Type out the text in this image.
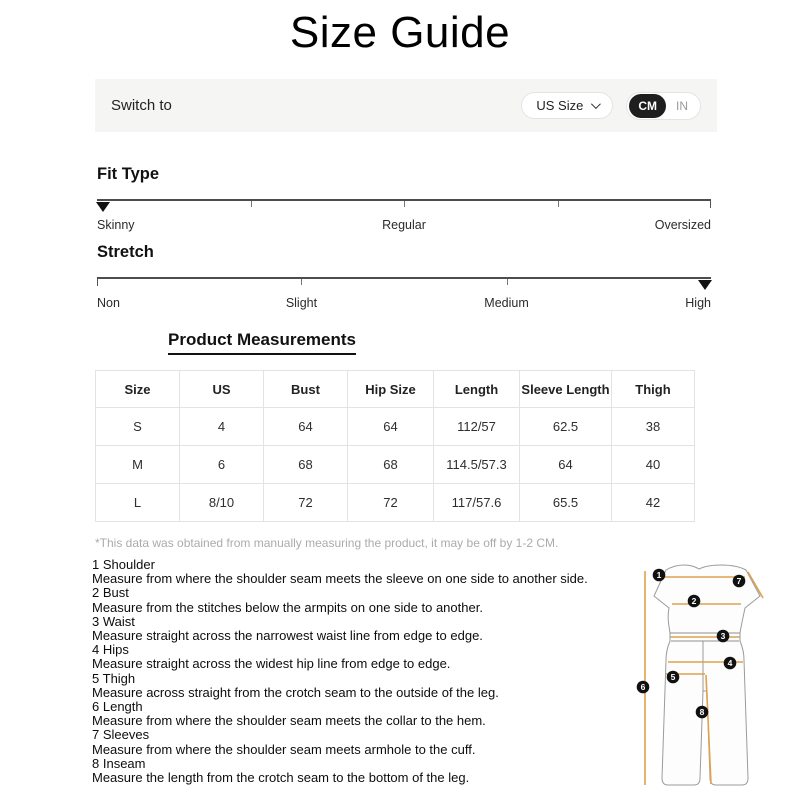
Size Guide
Switch to	US Size	CM	IN
Fit Type
Skinny	Regular	Oversized
Stretch
Non	Slight	Medium	High
Product Measurements
Size	US	Bust	Hip Size	Length	Sleeve Length	Thigh
S	4	64	64	112/57	62.5	38
M	6	68	68	114.5/57.3	64	40
L	8/10	72	72	117/57.6	65.5	42
*This data was obtained from manually measuring the product, it may be off by 1-2 CM.
1 Shoulder
Measure from where the shoulder seam meets the sleeve on one side to another side.
2 Bust
Measure from the stitches below the armpits on one side to another.
3 Waist
Measure straight across the narrowest waist line from edge to edge.
4 Hips
Measure straight across the widest hip line from edge to edge.
5 Thigh
Measure across straight from the crotch seam to the outside of the leg.
6 Length
Measure from where the shoulder seam meets the collar to the hem.
7 Sleeves
Measure from where the shoulder seam meets armhole to the cuff.
8 Inseam
Measure the length from the crotch seam to the bottom of the leg.
1
2
3
4
5
6
7
8
